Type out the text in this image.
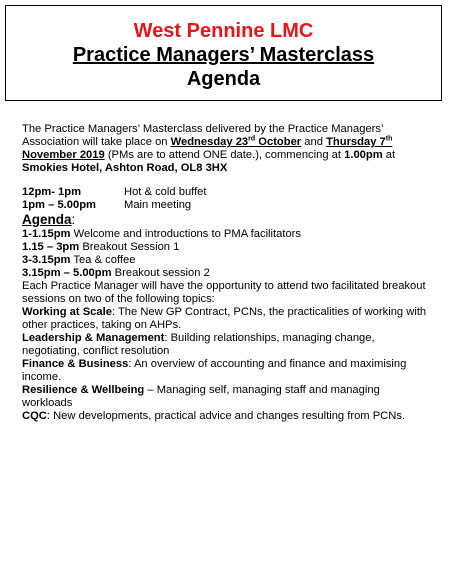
West Pennine LMC
Practice Managers’ Masterclass
Agenda

The Practice Managers’ Masterclass delivered by the Practice Managers’ Association will take place on Wednesday 23rd October and Thursday 7th November 2019 (PMs are to attend ONE date.), commencing at 1.00pm at
Smokies Hotel, Ashton Road, OL8 3HX

12pm- 1pm	Hot & cold buffet
1pm – 5.00pm	Main meeting

Agenda:

1-1.15pm Welcome and introductions to PMA facilitators

1.15 – 3pm Breakout Session 1

3-3.15pm Tea & coffee

3.15pm – 5.00pm Breakout session 2

Each Practice Manager will have the opportunity to attend two facilitated breakout sessions on two of the following topics:

Working at Scale: The New GP Contract, PCNs, the practicalities of working with other practices, taking on AHPs.

Leadership & Management: Building relationships, managing change, negotiating, conflict resolution

Finance & Business: An overview of accounting and finance and maximising income.

Resilience & Wellbeing – Managing self, managing staff and managing workloads

CQC: New developments, practical advice and changes resulting from PCNs.
